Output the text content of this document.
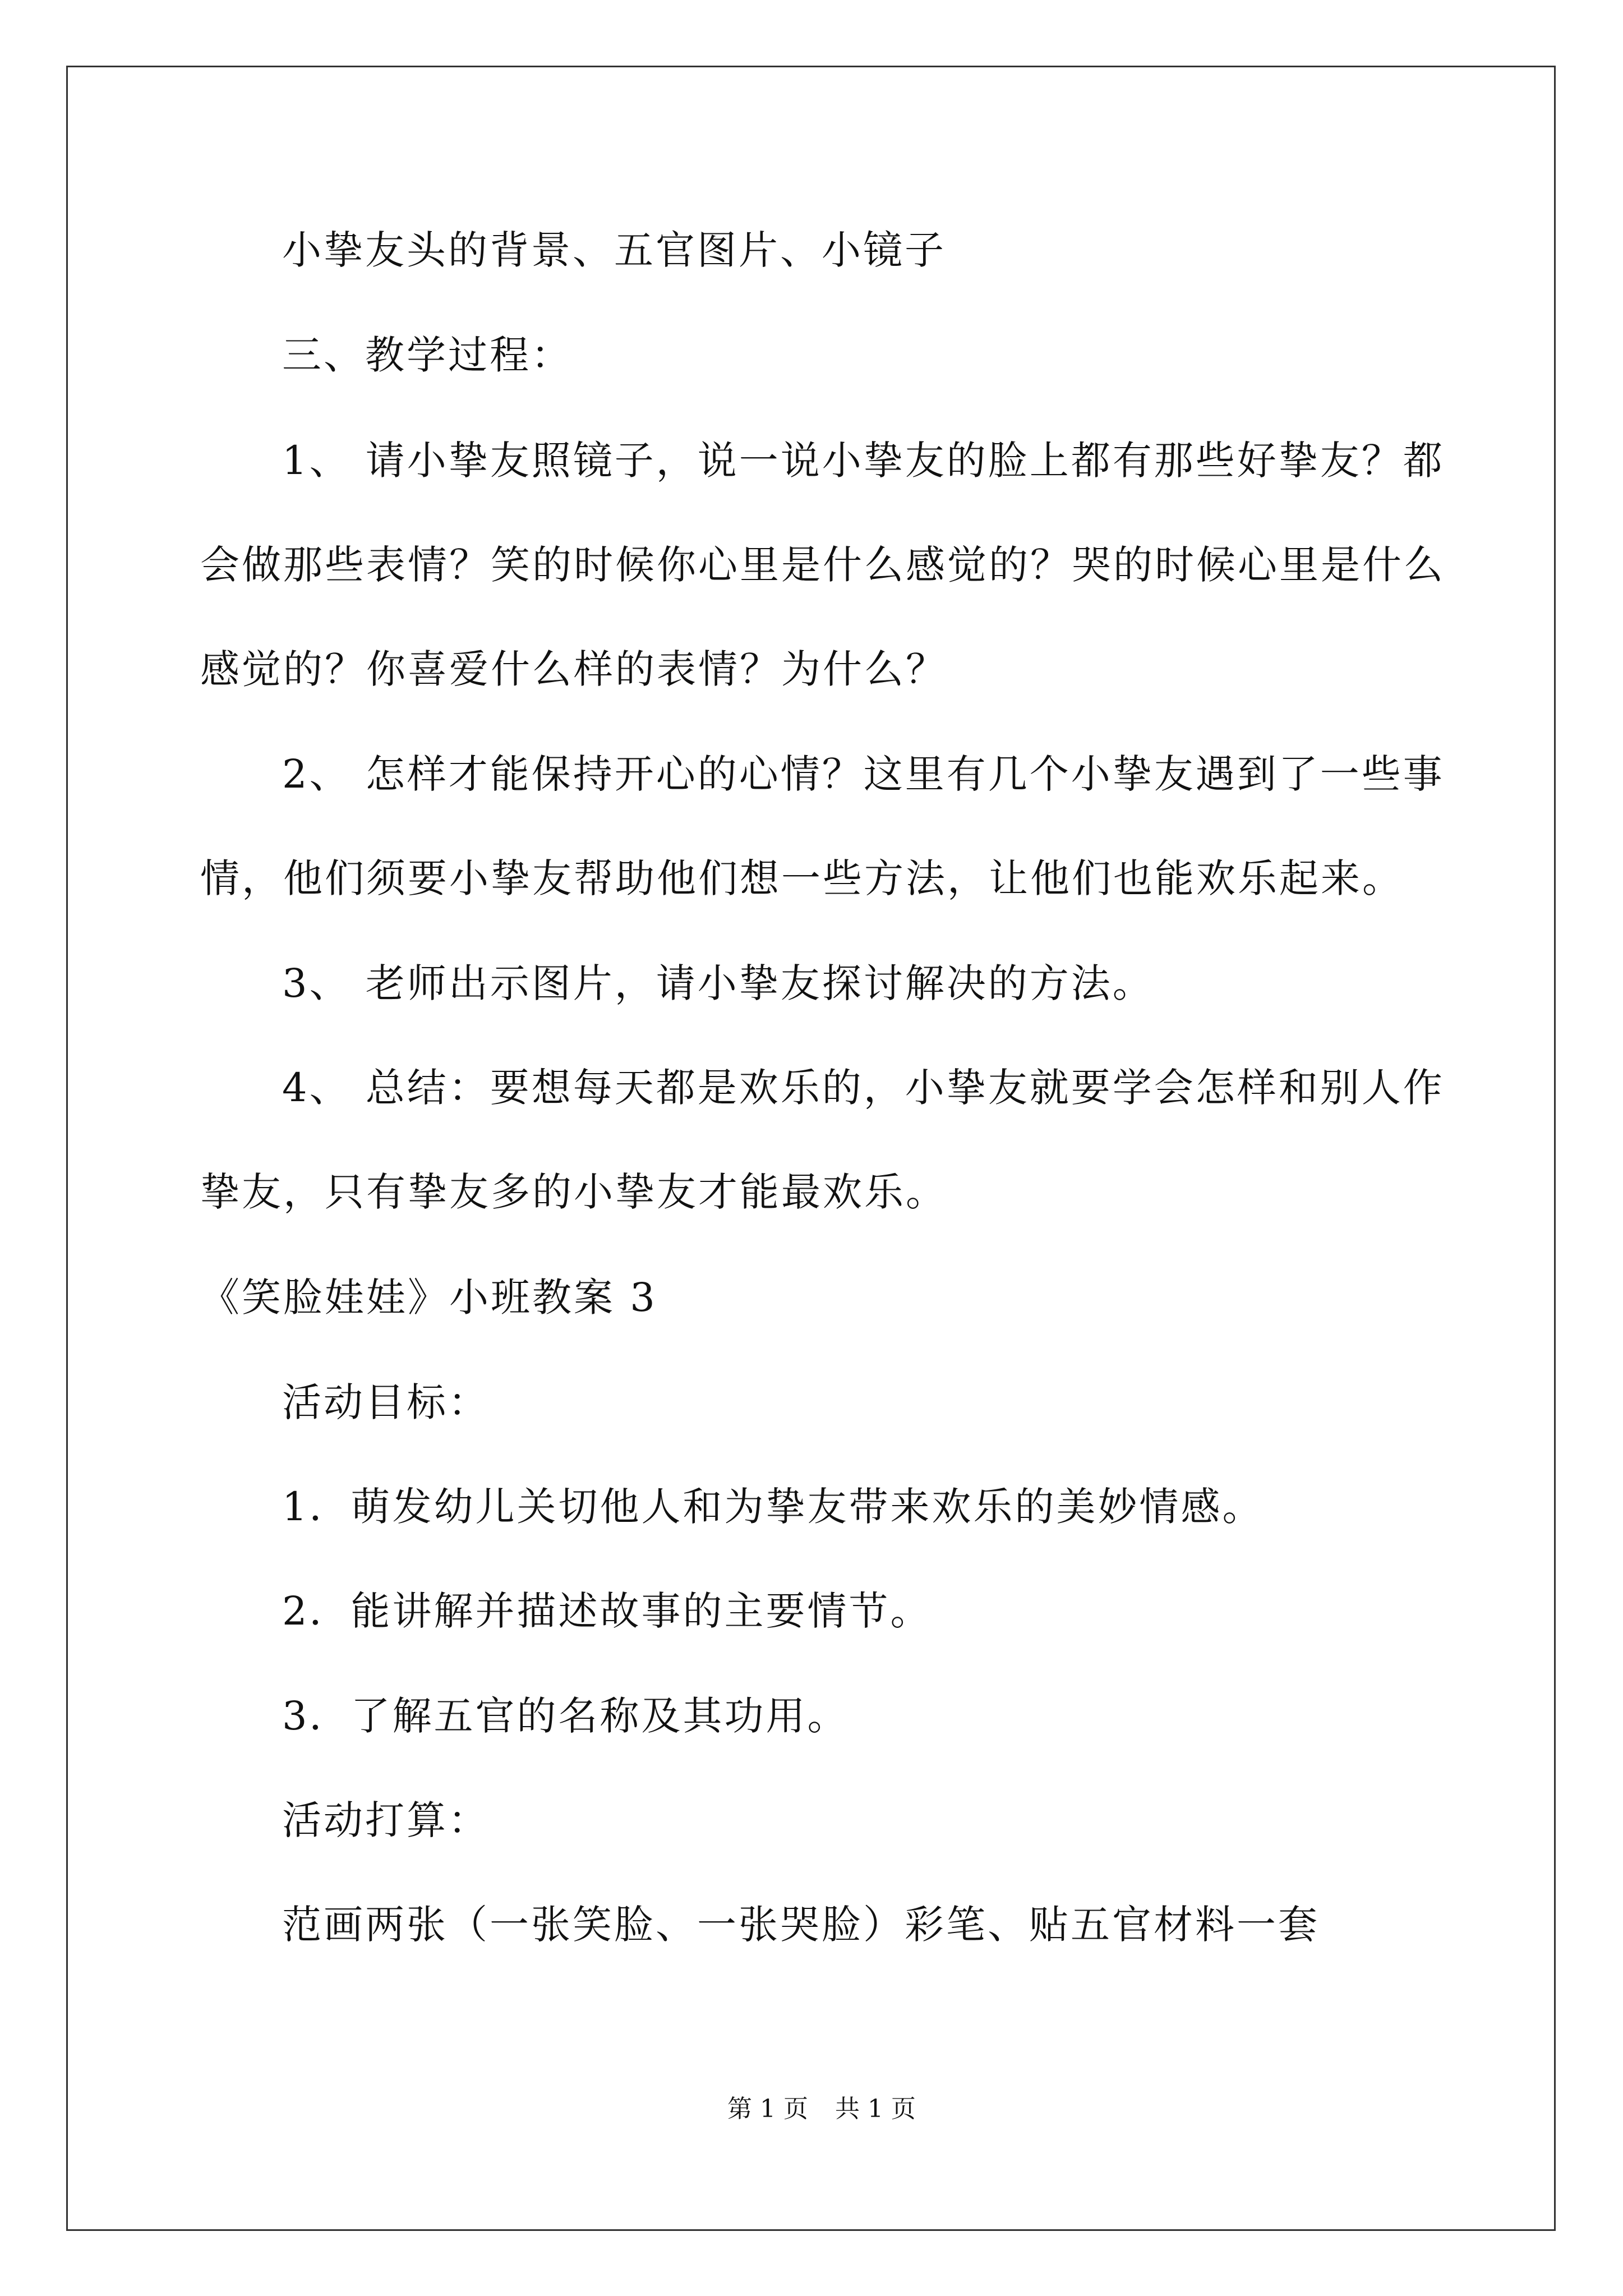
小挚友头的背景、五官图片、小镜子
三、教学过程：
1、 请小挚友照镜子，说一说小挚友的脸上都有那些好挚友？都
会做那些表情？笑的时候你心里是什么感觉的？哭的时候心里是什么
感觉的？你喜爱什么样的表情？为什么？
2、 怎样才能保持开心的心情？这里有几个小挚友遇到了一些事
情，他们须要小挚友帮助他们想一些方法，让他们也能欢乐起来。
3、 老师出示图片，请小挚友探讨解决的方法。
4、 总结：要想每天都是欢乐的，小挚友就要学会怎样和别人作
挚友，只有挚友多的小挚友才能最欢乐。
《笑脸娃娃》小班教案 3
活动目标：
1．萌发幼儿关切他人和为挚友带来欢乐的美妙情感。
2．能讲解并描述故事的主要情节。
3．了解五官的名称及其功用。
活动打算：
范画两张（一张笑脸、一张哭脸）彩笔、贴五官材料一套
第 1 页 共 1 页
